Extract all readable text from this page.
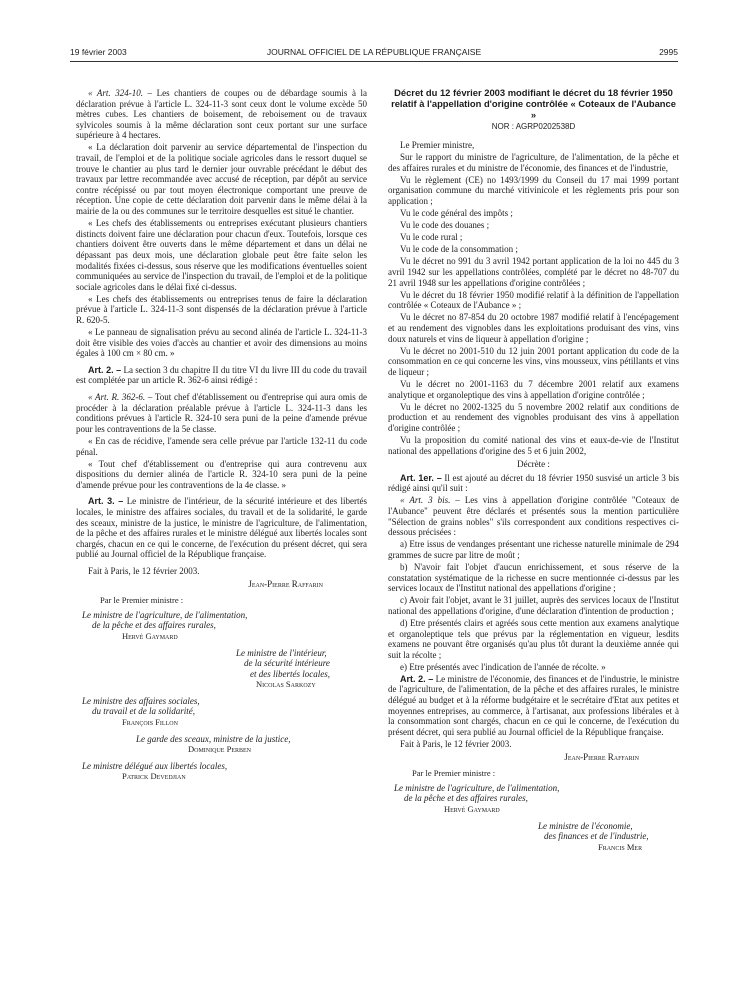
19 février 2003	JOURNAL OFFICIEL DE LA RÉPUBLIQUE FRANÇAISE	2995

« Art. 324-10. – Les chantiers de coupes ou de débardage soumis à la déclaration prévue à l'article L. 324-11-3 sont ceux dont le volume excède 50 mètres cubes. Les chantiers de boisement, de reboisement ou de travaux sylvicoles soumis à la même déclaration sont ceux portant sur une surface supérieure à 4 hectares.

« La déclaration doit parvenir au service départemental de l'inspection du travail, de l'emploi et de la politique sociale agricoles dans le ressort duquel se trouve le chantier au plus tard le dernier jour ouvrable précédant le début des travaux par lettre recommandée avec accusé de réception, par dépôt au service contre récépissé ou par tout moyen électronique comportant une preuve de réception. Une copie de cette déclaration doit parvenir dans le même délai à la mairie de la ou des communes sur le territoire desquelles est situé le chantier.

« Les chefs des établissements ou entreprises exécutant plusieurs chantiers distincts doivent faire une déclaration pour chacun d'eux. Toutefois, lorsque ces chantiers doivent être ouverts dans le même département et dans un délai ne dépassant pas deux mois, une déclaration globale peut être faite selon les modalités fixées ci-dessus, sous réserve que les modifications éventuelles soient communiquées au service de l'inspection du travail, de l'emploi et de la politique sociale agricoles dans le délai fixé ci-dessus.

« Les chefs des établissements ou entreprises tenus de faire la déclaration prévue à l'article L. 324-11-3 sont dispensés de la déclaration prévue à l'article R. 620-5.

« Le panneau de signalisation prévu au second alinéa de l'article L. 324-11-3 doit être visible des voies d'accès au chantier et avoir des dimensions au moins égales à 100 cm × 80 cm. »

Art. 2. – La section 3 du chapitre II du titre VI du livre III du code du travail est complétée par un article R. 362-6 ainsi rédigé :

« Art. R. 362-6. – Tout chef d'établissement ou d'entreprise qui aura omis de procéder à la déclaration préalable prévue à l'article L. 324-11-3 dans les conditions prévues à l'article R. 324-10 sera puni de la peine d'amende prévue pour les contraventions de la 5e classe.

« En cas de récidive, l'amende sera celle prévue par l'article 132-11 du code pénal.

« Tout chef d'établissement ou d'entreprise qui aura contrevenu aux dispositions du dernier alinéa de l'article R. 324-10 sera puni de la peine d'amende prévue pour les contraventions de la 4e classe. »

Art. 3. – Le ministre de l'intérieur, de la sécurité intérieure et des libertés locales, le ministre des affaires sociales, du travail et de la solidarité, le garde des sceaux, ministre de la justice, le ministre de l'agriculture, de l'alimentation, de la pêche et des affaires rurales et le ministre délégué aux libertés locales sont chargés, chacun en ce qui le concerne, de l'exécution du présent décret, qui sera publié au Journal officiel de la République française.

Fait à Paris, le 12 février 2003.

Jean-Pierre Raffarin

Par le Premier ministre :

Le ministre de l'agriculture, de l'alimentation,
de la pêche et des affaires rurales,
Hervé Gaymard
Le ministre de l'intérieur,
de la sécurité intérieure
et des libertés locales,
Nicolas Sarkozy
Le ministre des affaires sociales,
du travail et de la solidarité,
François Fillon
Le garde des sceaux, ministre de la justice,
Dominique Perben
Le ministre délégué aux libertés locales,
Patrick Devedjian
Décret du 12 février 2003 modifiant le décret du 18 février 1950 relatif à l'appellation d'origine contrôlée « Coteaux de l'Aubance »

NOR : AGRP0202538D

Le Premier ministre,

Sur le rapport du ministre de l'agriculture, de l'alimentation, de la pêche et des affaires rurales et du ministre de l'économie, des finances et de l'industrie,

Vu le règlement (CE) no 1493/1999 du Conseil du 17 mai 1999 portant organisation commune du marché vitivinicole et les règlements pris pour son application ;

Vu le code général des impôts ;

Vu le code des douanes ;

Vu le code rural ;

Vu le code de la consommation ;

Vu le décret no 991 du 3 avril 1942 portant application de la loi no 445 du 3 avril 1942 sur les appellations contrôlées, complété par le décret no 48-707 du 21 avril 1948 sur les appellations d'origine contrôlées ;

Vu le décret du 18 février 1950 modifié relatif à la définition de l'appellation contrôlée « Coteaux de l'Aubance » ;

Vu le décret no 87-854 du 20 octobre 1987 modifié relatif à l'encépagement et au rendement des vignobles dans les exploitations produisant des vins, vins doux naturels et vins de liqueur à appellation d'origine ;

Vu le décret no 2001-510 du 12 juin 2001 portant application du code de la consommation en ce qui concerne les vins, vins mousseux, vins pétillants et vins de liqueur ;

Vu le décret no 2001-1163 du 7 décembre 2001 relatif aux examens analytique et organoleptique des vins à appellation d'origine contrôlée ;

Vu le décret no 2002-1325 du 5 novembre 2002 relatif aux conditions de production et au rendement des vignobles produisant des vins à appellation d'origine contrôlée ;

Vu la proposition du comité national des vins et eaux-de-vie de l'Institut national des appellations d'origine des 5 et 6 juin 2002,

Décrète :

Art. 1er. – Il est ajouté au décret du 18 février 1950 susvisé un article 3 bis rédigé ainsi qu'il suit :

« Art. 3 bis. – Les vins à appellation d'origine contrôlée "Coteaux de l'Aubance" peuvent être déclarés et présentés sous la mention particulière "Sélection de grains nobles" s'ils correspondent aux conditions respectives ci-dessous précisées :

a) Etre issus de vendanges présentant une richesse naturelle minimale de 294 grammes de sucre par litre de moût ;

b) N'avoir fait l'objet d'aucun enrichissement, et sous réserve de la constatation systématique de la richesse en sucre mentionnée ci-dessus par les services locaux de l'Institut national des appellations d'origine ;

c) Avoir fait l'objet, avant le 31 juillet, auprès des services locaux de l'Institut national des appellations d'origine, d'une déclaration d'intention de production ;

d) Etre présentés clairs et agréés sous cette mention aux examens analytique et organoleptique tels que prévus par la réglementation en vigueur, lesdits examens ne pouvant être organisés qu'au plus tôt durant la deuxième année qui suit la récolte ;

e) Etre présentés avec l'indication de l'année de récolte. »

Art. 2. – Le ministre de l'économie, des finances et de l'industrie, le ministre de l'agriculture, de l'alimentation, de la pêche et des affaires rurales, le ministre délégué au budget et à la réforme budgétaire et le secrétaire d'Etat aux petites et moyennes entreprises, au commerce, à l'artisanat, aux professions libérales et à la consommation sont chargés, chacun en ce qui le concerne, de l'exécution du présent décret, qui sera publié au Journal officiel de la République française.

Fait à Paris, le 12 février 2003.

Jean-Pierre Raffarin

Par le Premier ministre :

Le ministre de l'agriculture, de l'alimentation,
de la pêche et des affaires rurales,
Hervé Gaymard
Le ministre de l'économie,
des finances et de l'industrie,
Francis Mer
